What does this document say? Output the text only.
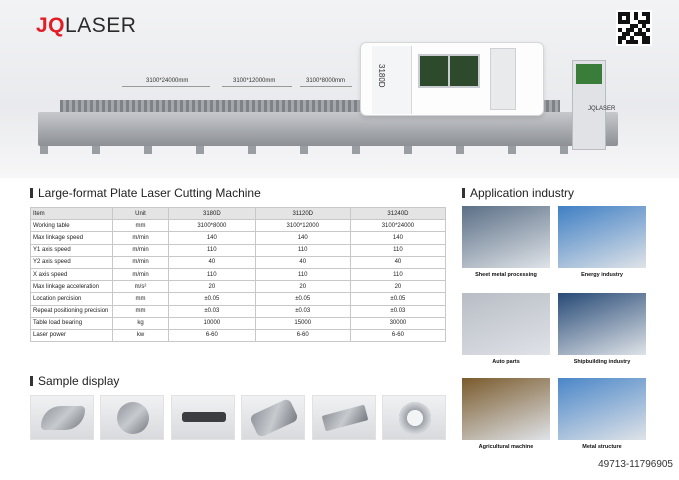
JQ LASER
3100*24000mm	3100*12000mm	3100*8000mm	3180D
JQLASER
Large-format Plate Laser Cutting Machine
Item	Unit	3180D	31120D	31240D
Working table	mm	3100*8000	3100*12000	3100*24000
Max linkage speed	m/min	140	140	140
Y1 axis speed	m/min	110	110	110
Y2 axis speed	m/min	40	40	40
X axis speed	m/min	110	110	110
Max linkage acceleration	m/s²	20	20	20
Location percision	mm	±0.05	±0.05	±0.05
Repeat positioning precision	mm	±0.03	±0.03	±0.03
Table load bearing	kg	10000	15000	30000
Laser power	kw	6-60	6-60	6-60
Sample display
Application industry
Sheet metal processing	Energy industry
Auto parts	Shipbuilding industry
Agricultural machine	Metal structure
49713-11796905
